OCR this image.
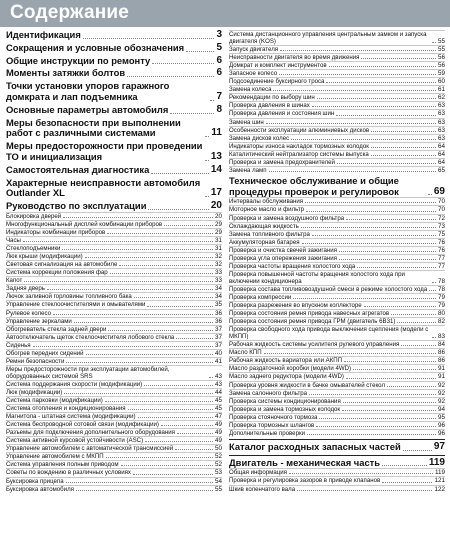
Содержание
Идентификация	3
Сокращения и условные обозначения	5
Общие инструкции по ремонту	6
Моменты затяжки болтов	6
Точки установки упоров гаражного домкрата и лап подъемника	7
Основные параметры автомобиля	8
Меры безопасности при выполнении работ с различными системами	11
Меры предосторожности при проведении ТО и инициализация	13
Самостоятельная диагностика	14
Характерные неисправности автомобиля Outlander XL	17
Руководство по эксплуатации	20
Блокировка дверей	20
Многофункциональный дисплей комбинации приборов	29
Индикаторы комбинации приборов	29
Часы	31
Стеклоподъемники	31
Люк крыши (модификации)	32
Световая сигнализация на автомобиле	32
Система коррекции положения фар	33
Капот	33
Задняя дверь	34
Лючок заливной горловины топливного бака	34
Управление стеклоочистителями и омывателями	35
Рулевое колесо	36
Управление зеркалами	36
Обогреватель стекла задней двери	37
Автоотключатель щеток стеклоочистителя лобового стекла	37
Сиденья	37
Обогрев передних сидений	40
Ремни безопасности	41
Меры предосторожности при эксплуатации автомобилей, оборудованных системой SRS	43
Система поддержания скорости (модификации)	43
Люк (модификации)	44
Система парковки (модификации)	45
Система отопления и кондиционирования	45
Магнитола - штатная система (модификации)	47
Система беспроводной сотовой связи (модификации)	49
Разъемы для подключения дополнительного оборудования	49
Система активной курсовой устойчивости (ASC)	49
Управление автомобилем с автоматической трансмиссией	50
Управление автомобилем с МКПП	52
Система управления полным приводом	52
Советы по вождению в различных условиях	53
Буксировка прицепа	54
Буксировка автомобиля	55
Система дистанционного управления центральным замком и запуска двигателя (KOS)	55
Запуск двигателя	55
Неисправности двигателя во время движения	56
Домкрат и комплект инструментов	56
Запасное колесо	59
Подсоединение буксирного троса	60
Замена колеса	61
Рекомендации по выбору шин	62
Проверка давления в шинах	63
Проверка давления и состояния шин	63
Замена шин	63
Особенности эксплуатации алюминиевых дисков	63
Замена дисков колес	63
Индикаторы износа накладок тормозных колодок	64
Каталитический нейтрализатор системы выпуска	64
Проверка и замена предохранителей	64
Замена ламп	65
Техническое обслуживание и общие процедуры проверок и регулировок	69
Интервалы обслуживания	70
Моторное масло и фильтр	70
Проверка и замена воздушного фильтра	72
Охлаждающая жидкость	73
Замена топливного фильтра	75
Аккумуляторная батарея	76
Проверка и очистка свечей зажигания	76
Проверка угла опережения зажигания	77
Проверка частоты вращения холостого хода	77
Проверка повышенной частоты вращения холостого хода при включении кондиционера	78
Проверка состава топливовоздушной смеси в режиме холостого хода 78
Проверка компрессии	79
Проверка разрежения во впускном коллекторе	79
Проверка состояния ремня привода навесных агрегатов	80
Проверка состояния ремня привода ГРМ (двигатель 6B31)	82
Проверка свободного хода привода выключения сцепления (модели с МКПП)	83
Рабочая жидкость системы усилителя рулевого управления	84
Масло КПП	86
Рабочая жидкость вариатора или АКПП	86
Масло раздаточной коробки (модели 4WD)	91
Масло заднего редуктора (модели 4WD)	91
Проверка уровня жидкости в бачке омывателей стекол	92
Замена салонного фильтра	92
Проверка системы кондиционирования	92
Проверка и замена тормозных колодок	94
Проверка стояночного тормоза	95
Проверка тормозных шлангов	96
Дополнительные проверки	96
Каталог расходных запасных частей	97
Двигатель - механическая часть	119
Общая информация	119
Проверка и регулировка зазоров в приводе клапанов	121
Шкив коленчатого вала	122
